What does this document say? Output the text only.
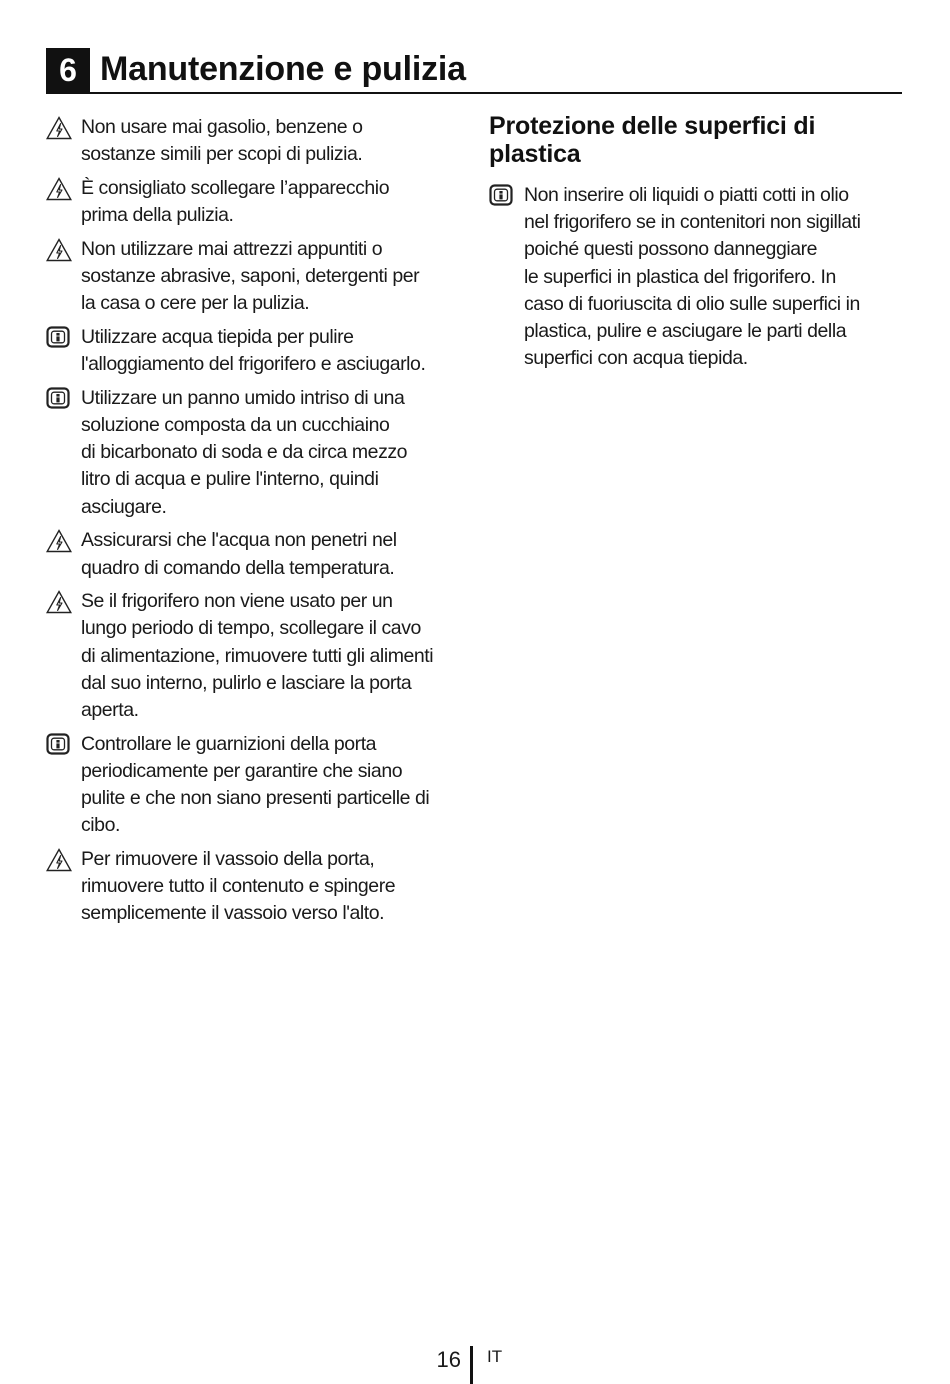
6 Manutenzione e pulizia
Non usare mai gasolio, benzene o
sostanze simili per scopi di pulizia.
È consigliato scollegare l’apparecchio
prima della pulizia.
Non utilizzare mai attrezzi appuntiti o
sostanze abrasive, saponi, detergenti per
la casa o cere per la pulizia.
Utilizzare acqua tiepida per pulire
l'alloggiamento del frigorifero e asciugarlo.
Utilizzare un panno umido intriso di una
soluzione composta da un cucchiaino
di bicarbonato di soda e da circa mezzo
litro di acqua e pulire l'interno, quindi
asciugare.
Assicurarsi che l'acqua non penetri nel
quadro di comando della temperatura.
Se il frigorifero non viene usato per un
lungo periodo di tempo, scollegare il cavo
di alimentazione, rimuovere tutti gli alimenti
dal suo interno, pulirlo e lasciare la porta
aperta.
Controllare le guarnizioni della porta
periodicamente per garantire che siano
pulite e che non siano presenti particelle di
cibo.
Per rimuovere il vassoio della porta,
rimuovere tutto il contenuto e spingere
semplicemente il vassoio verso l'alto.
Protezione delle superfici di
plastica
Non inserire oli liquidi o piatti cotti in olio
nel frigorifero se in contenitori non sigillati
poiché questi possono danneggiare
le superfici in plastica del frigorifero. In
caso di fuoriuscita di olio sulle superfici in
plastica, pulire e asciugare le parti della
superfici con acqua tiepida.
16 IT
